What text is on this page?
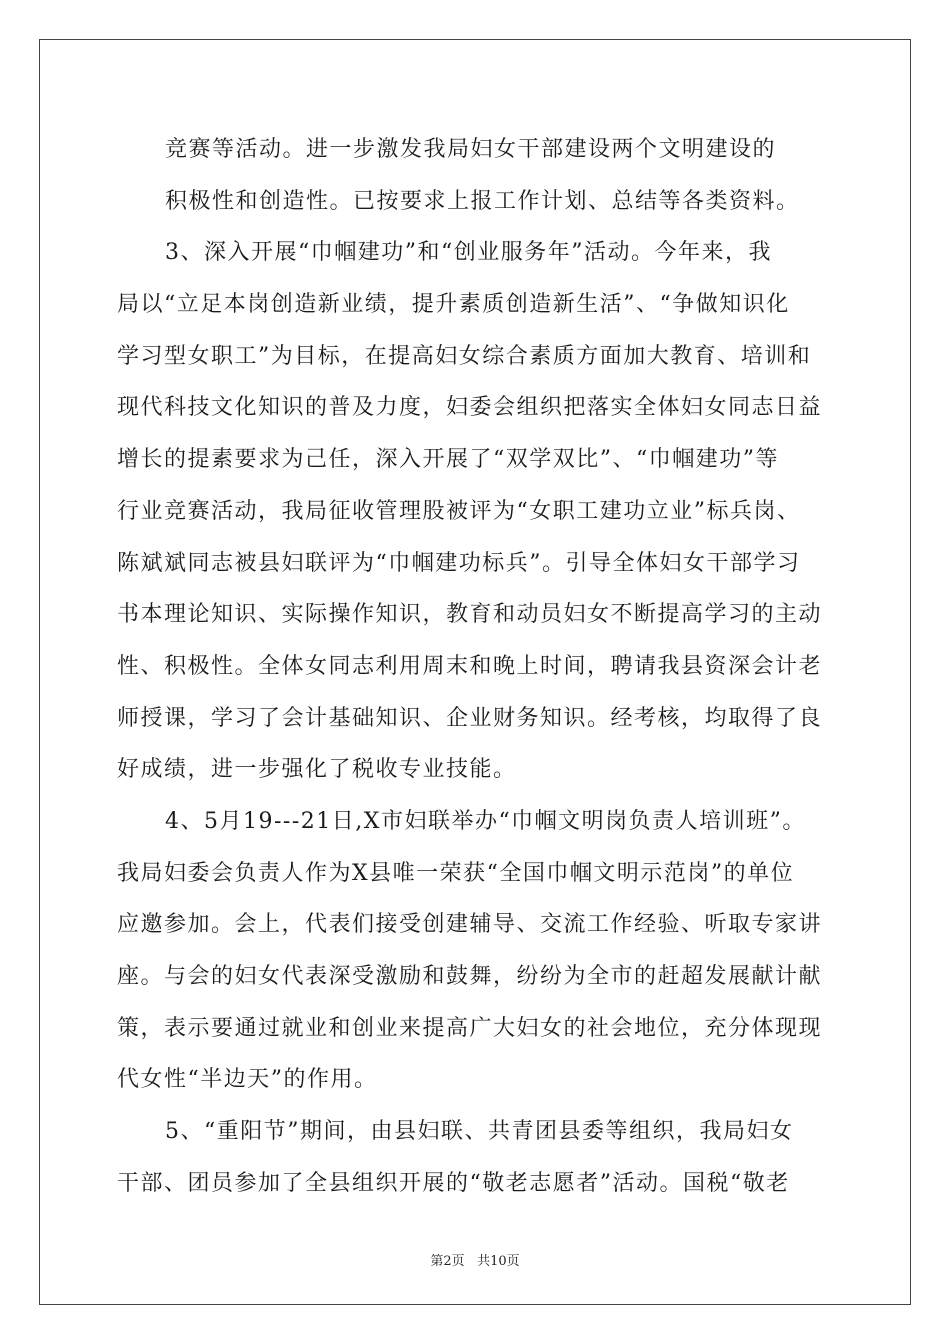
竞赛等活动。进一步激发我局妇女干部建设两个文明建设的
积极性和创造性。已按要求上报工作计划、总结等各类资料。
3、深入开展“巾帼建功”和“创业服务年”活动。今年来，我
局以“立足本岗创造新业绩，提升素质创造新生活”、“争做知识化
学习型女职工”为目标，在提高妇女综合素质方面加大教育、培训和
现代科技文化知识的普及力度，妇委会组织把落实全体妇女同志日益
增长的提素要求为己任，深入开展了“双学双比”、“巾帼建功”等
行业竞赛活动，我局征收管理股被评为“女职工建功立业”标兵岗、
陈斌斌同志被县妇联评为“巾帼建功标兵”。引导全体妇女干部学习
书本理论知识、实际操作知识，教育和动员妇女不断提高学习的主动
性、积极性。全体女同志利用周末和晚上时间，聘请我县资深会计老
师授课，学习了会计基础知识、企业财务知识。经考核，均取得了良
好成绩，进一步强化了税收专业技能。
4、5月19---21日,X市妇联举办“巾帼文明岗负责人培训班”。
我局妇委会负责人作为X县唯一荣获“全国巾帼文明示范岗”的单位
应邀参加。会上，代表们接受创建辅导、交流工作经验、听取专家讲
座。与会的妇女代表深受激励和鼓舞，纷纷为全市的赶超发展献计献
策，表示要通过就业和创业来提高广大妇女的社会地位，充分体现现
代女性“半边天”的作用。
5、“重阳节”期间，由县妇联、共青团县委等组织，我局妇女
干部、团员参加了全县组织开展的“敬老志愿者”活动。国税“敬老
第2页 共10页
